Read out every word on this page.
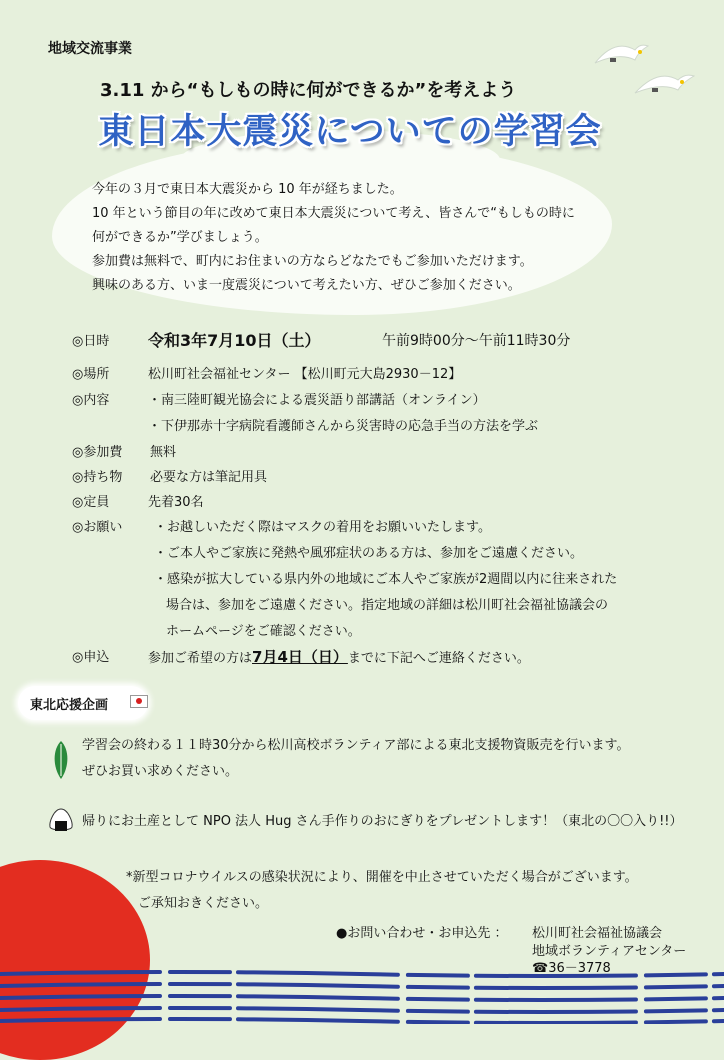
地域交流事業
3.11 から“もしもの時に何ができるか”を考えよう
東日本大震災についての学習会
今年の３月で東日本大震災から 10 年が経ちました。
10 年という節目の年に改めて東日本大震災について考え、皆さんで“もしもの時に
何ができるか”学びましょう。
参加費は無料で、町内にお住まいの方ならどなたでもご参加いただけます。
興味のある方、いま一度震災について考えたい方、ぜひご参加ください。
◎日時 令和3年7月10日（土）	午前9時00分〜午前11時30分
◎場所	松川町社会福祉センター 【松川町元大島2930－12】
◎内容	・南三陸町観光協会による震災語り部講話（オンライン）
・下伊那赤十字病院看護師さんから災害時の応急手当の方法を学ぶ
◎参加費 無料
◎持ち物 必要な方は筆記用具
◎定員	先着30名
◎お願い ・お越しいただく際はマスクの着用をお願いいたします。
・ご本人やご家族に発熱や風邪症状のある方は、参加をご遠慮ください。
・感染が拡大している県内外の地域にご本人やご家族が2週間以内に往来された
場合は、参加をご遠慮ください。指定地域の詳細は松川町社会福祉協議会の
ホームページをご確認ください。
◎申込	参加ご希望の方は7月4日（日）までに下記へご連絡ください。
東北応援企画
学習会の終わる１１時30分から松川高校ボランティア部による東北支援物資販売を行います。
ぜひお買い求めください。
帰りにお土産として NPO 法人 Hug さん手作りのおにぎりをプレゼントします！（東北の〇〇入り!!）
*新型コロナウイルスの感染状況により、開催を中止させていただく場合がございます。
ご承知おきください。
●お問い合わせ・お申込先 ： 松川町社会福祉協議会
地域ボランティアセンター
☎36－3778
